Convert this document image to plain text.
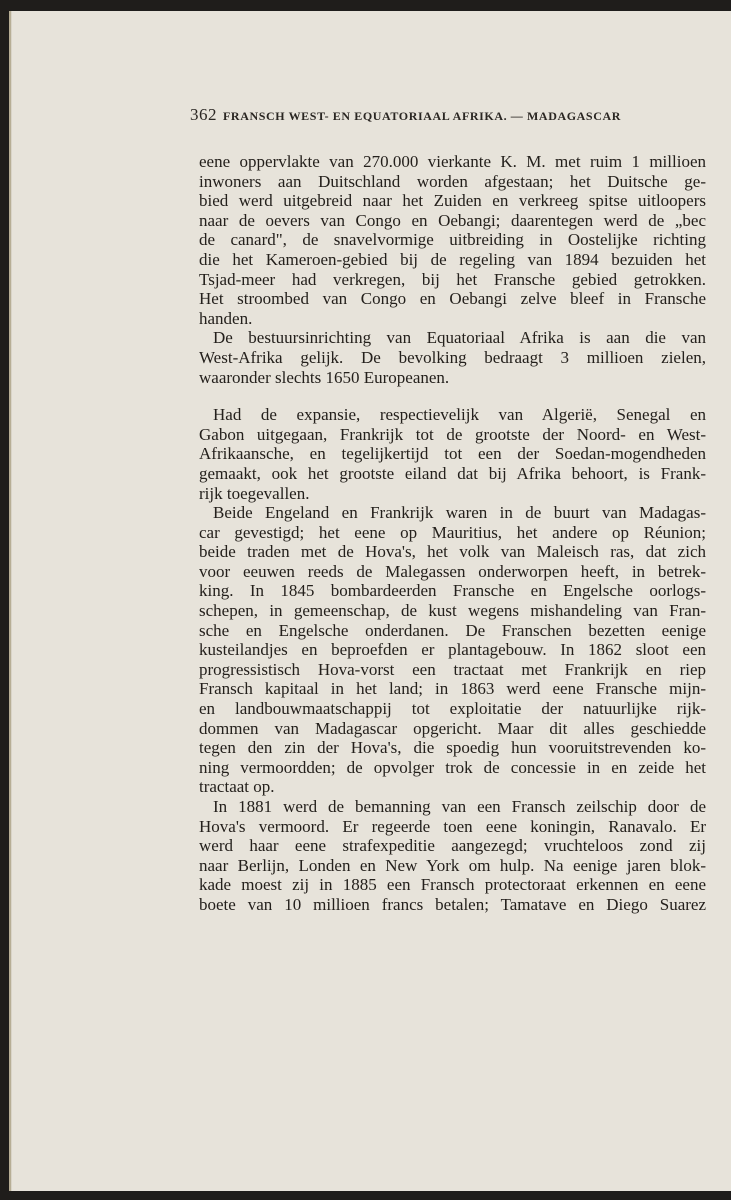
362 FRANSCH WEST- EN EQUATORIAAL AFRIKA. — MADAGASCAR

eene oppervlakte van 270.000 vierkante K. M. met ruim 1 millioen

inwoners aan Duitschland worden afgestaan; het Duitsche ge-

bied werd uitgebreid naar het Zuiden en verkreeg spitse uitloopers

naar de oevers van Congo en Oebangi; daarentegen werd de „bec

de canard", de snavelvormige uitbreiding in Oostelijke richting

die het Kameroen-gebied bij de regeling van 1894 bezuiden het

Tsjad-meer had verkregen, bij het Fransche gebied getrokken.

Het stroombed van Congo en Oebangi zelve bleef in Fransche

handen.

De bestuursinrichting van Equatoriaal Afrika is aan die van

West-Afrika gelijk. De bevolking bedraagt 3 millioen zielen,

waaronder slechts 1650 Europeanen.

Had de expansie, respectievelijk van Algerië, Senegal en

Gabon uitgegaan, Frankrijk tot de grootste der Noord- en West-

Afrikaansche, en tegelijkertijd tot een der Soedan-mogendheden

gemaakt, ook het grootste eiland dat bij Afrika behoort, is Frank-

rijk toegevallen.

Beide Engeland en Frankrijk waren in de buurt van Madagas-

car gevestigd; het eene op Mauritius, het andere op Réunion;

beide traden met de Hova's, het volk van Maleisch ras, dat zich

voor eeuwen reeds de Malegassen onderworpen heeft, in betrek-

king. In 1845 bombardeerden Fransche en Engelsche oorlogs-

schepen, in gemeenschap, de kust wegens mishandeling van Fran-

sche en Engelsche onderdanen. De Franschen bezetten eenige

kusteilandjes en beproefden er plantagebouw. In 1862 sloot een

progressistisch Hova-vorst een tractaat met Frankrijk en riep

Fransch kapitaal in het land; in 1863 werd eene Fransche mijn-

en landbouwmaatschappij tot exploitatie der natuurlijke rijk-

dommen van Madagascar opgericht. Maar dit alles geschiedde

tegen den zin der Hova's, die spoedig hun vooruitstrevenden ko-

ning vermoordden; de opvolger trok de concessie in en zeide het

tractaat op.

In 1881 werd de bemanning van een Fransch zeilschip door de

Hova's vermoord. Er regeerde toen eene koningin, Ranavalo. Er

werd haar eene strafexpeditie aangezegd; vruchteloos zond zij

naar Berlijn, Londen en New York om hulp. Na eenige jaren blok-

kade moest zij in 1885 een Fransch protectoraat erkennen en eene

boete van 10 millioen francs betalen; Tamatave en Diego Suarez
